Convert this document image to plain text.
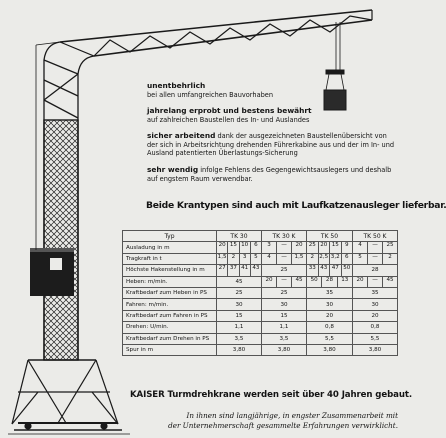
unentbehrlich
bei allen umfangreichen Bauvorhaben
jahrelang erprobt und bestens bewährt
auf zahlreichen Baustellen des In- und Auslandes
sicher arbeitend dank der ausgezeichneten Baustellenübersicht von der sich in Arbeitsrichtung drehenden Führerkabine aus und der im In- und Ausland patentierten Überlastungs-Sicherung
sehr wendig infolge Fehlens des Gegengewichtsauslegers und deshalb auf engstem Raum verwendbar.
Beide Krantypen sind auch mit Laufkatzenausleger lieferbar.
Typ	TK 30	TK 30 K	TK 50	TK 50 K
Ausladung in m	20 15 10 6	3 — 20	25 20 15 9	4 — 25

Tragkraft in t	1,5 2 3 5	4 — 1,5	2 2,5 3,2 6	5 — 2

Höchste Hakenstellung in m	27 37 41 43	25	33 43 47 50	28
Heben: m/min.	45	20 — 45	50 28 13	20 — 45

Kraftbedarf zum Heben in PS	25	25	35	35
Fahren: m/min.	30	30	30	30
Kraftbedarf zum Fahren in PS	15	15	20	20
Drehen: U/min.	1,1	1,1	0,8	0,8
Kraftbedarf zum Drehen in PS	3,5	3,5	5,5	5,5
Spur in m	3,80	3,80	3,80	3,80
KAISER Turmdrehkrane werden seit über 40 Jahren gebaut.
In ihnen sind langjährige, in engster Zusammenarbeit mit
der Unternehmerschaft gesammelte Erfahrungen verwirklicht.
